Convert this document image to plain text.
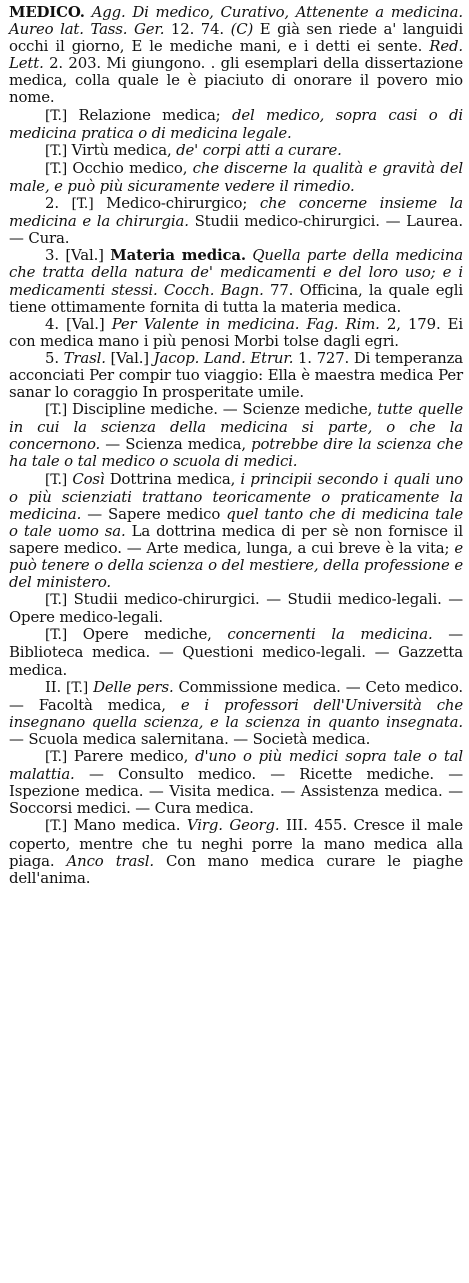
MEDICO. Agg. Di medico, Curativo, Attenente a medicina. Aureo lat. Tass. Ger. 12. 74. (C) E già sen riede a' languidi occhi il giorno, E le mediche mani, e i detti ei sente. Red. Lett. 2. 203. Mi giungono. . gli esemplari della dissertazione medica, colla quale le è piaciuto di onorare il povero mio nome.

[T.] Relazione medica; del medico, sopra casi o di medicina pratica o di medicina legale.

[T.] Virtù medica, de' corpi atti a curare.

[T.] Occhio medico, che discerne la qualità e gravità del male, e può più sicuramente vedere il rimedio.

2. [T.] Medico-chirurgico; che concerne insieme la medicina e la chirurgia. Studii medico-chirurgici. — Laurea. — Cura.

3. [Val.] Materia medica. Quella parte della medicina che tratta della natura de' medicamenti e del loro uso; e i medicamenti stessi. Cocch. Bagn. 77. Officina, la quale egli tiene ottimamente fornita di tutta la materia medica.

4. [Val.] Per Valente in medicina. Fag. Rim. 2, 179. Ei con medica mano i più penosi Morbi tolse dagli egri.

5. Trasl. [Val.] Jacop. Land. Etrur. 1. 727. Di temperanza acconciati Per compir tuo viaggio: Ella è maestra medica Per sanar lo coraggio In prosperitate umile.

[T.] Discipline mediche. — Scienze mediche, tutte quelle in cui la scienza della medicina si parte, o che la concernono. — Scienza medica, potrebbe dire la scienza che ha tale o tal medico o scuola di medici.

[T.] Così Dottrina medica, i principii secondo i quali uno o più scienziati trattano teoricamente o praticamente la medicina. — Sapere medico quel tanto che di medicina tale o tale uomo sa. La dottrina medica di per sè non fornisce il sapere medico. — Arte medica, lunga, a cui breve è la vita; e può tenere o della scienza o del mestiere, della professione e del ministero.

[T.] Studii medico-chirurgici. — Studii medico-legali. — Opere medico-legali.

[T.] Opere mediche, concernenti la medicina. — Biblioteca medica. — Questioni medico-legali. — Gazzetta medica.

II. [T.] Delle pers. Commissione medica. — Ceto medico. — Facoltà medica, e i professori dell'Università che insegnano quella scienza, e la scienza in quanto insegnata. — Scuola medica salernitana. — Società medica.

[T.] Parere medico, d'uno o più medici sopra tale o tal malattia. — Consulto medico. — Ricette mediche. — Ispezione medica. — Visita medica. — Assistenza medica. — Soccorsi medici. — Cura medica.

[T.] Mano medica. Virg. Georg. III. 455. Cresce il male coperto, mentre che tu neghi porre la mano medica alla piaga. Anco trasl. Con mano medica curare le piaghe dell'anima.
